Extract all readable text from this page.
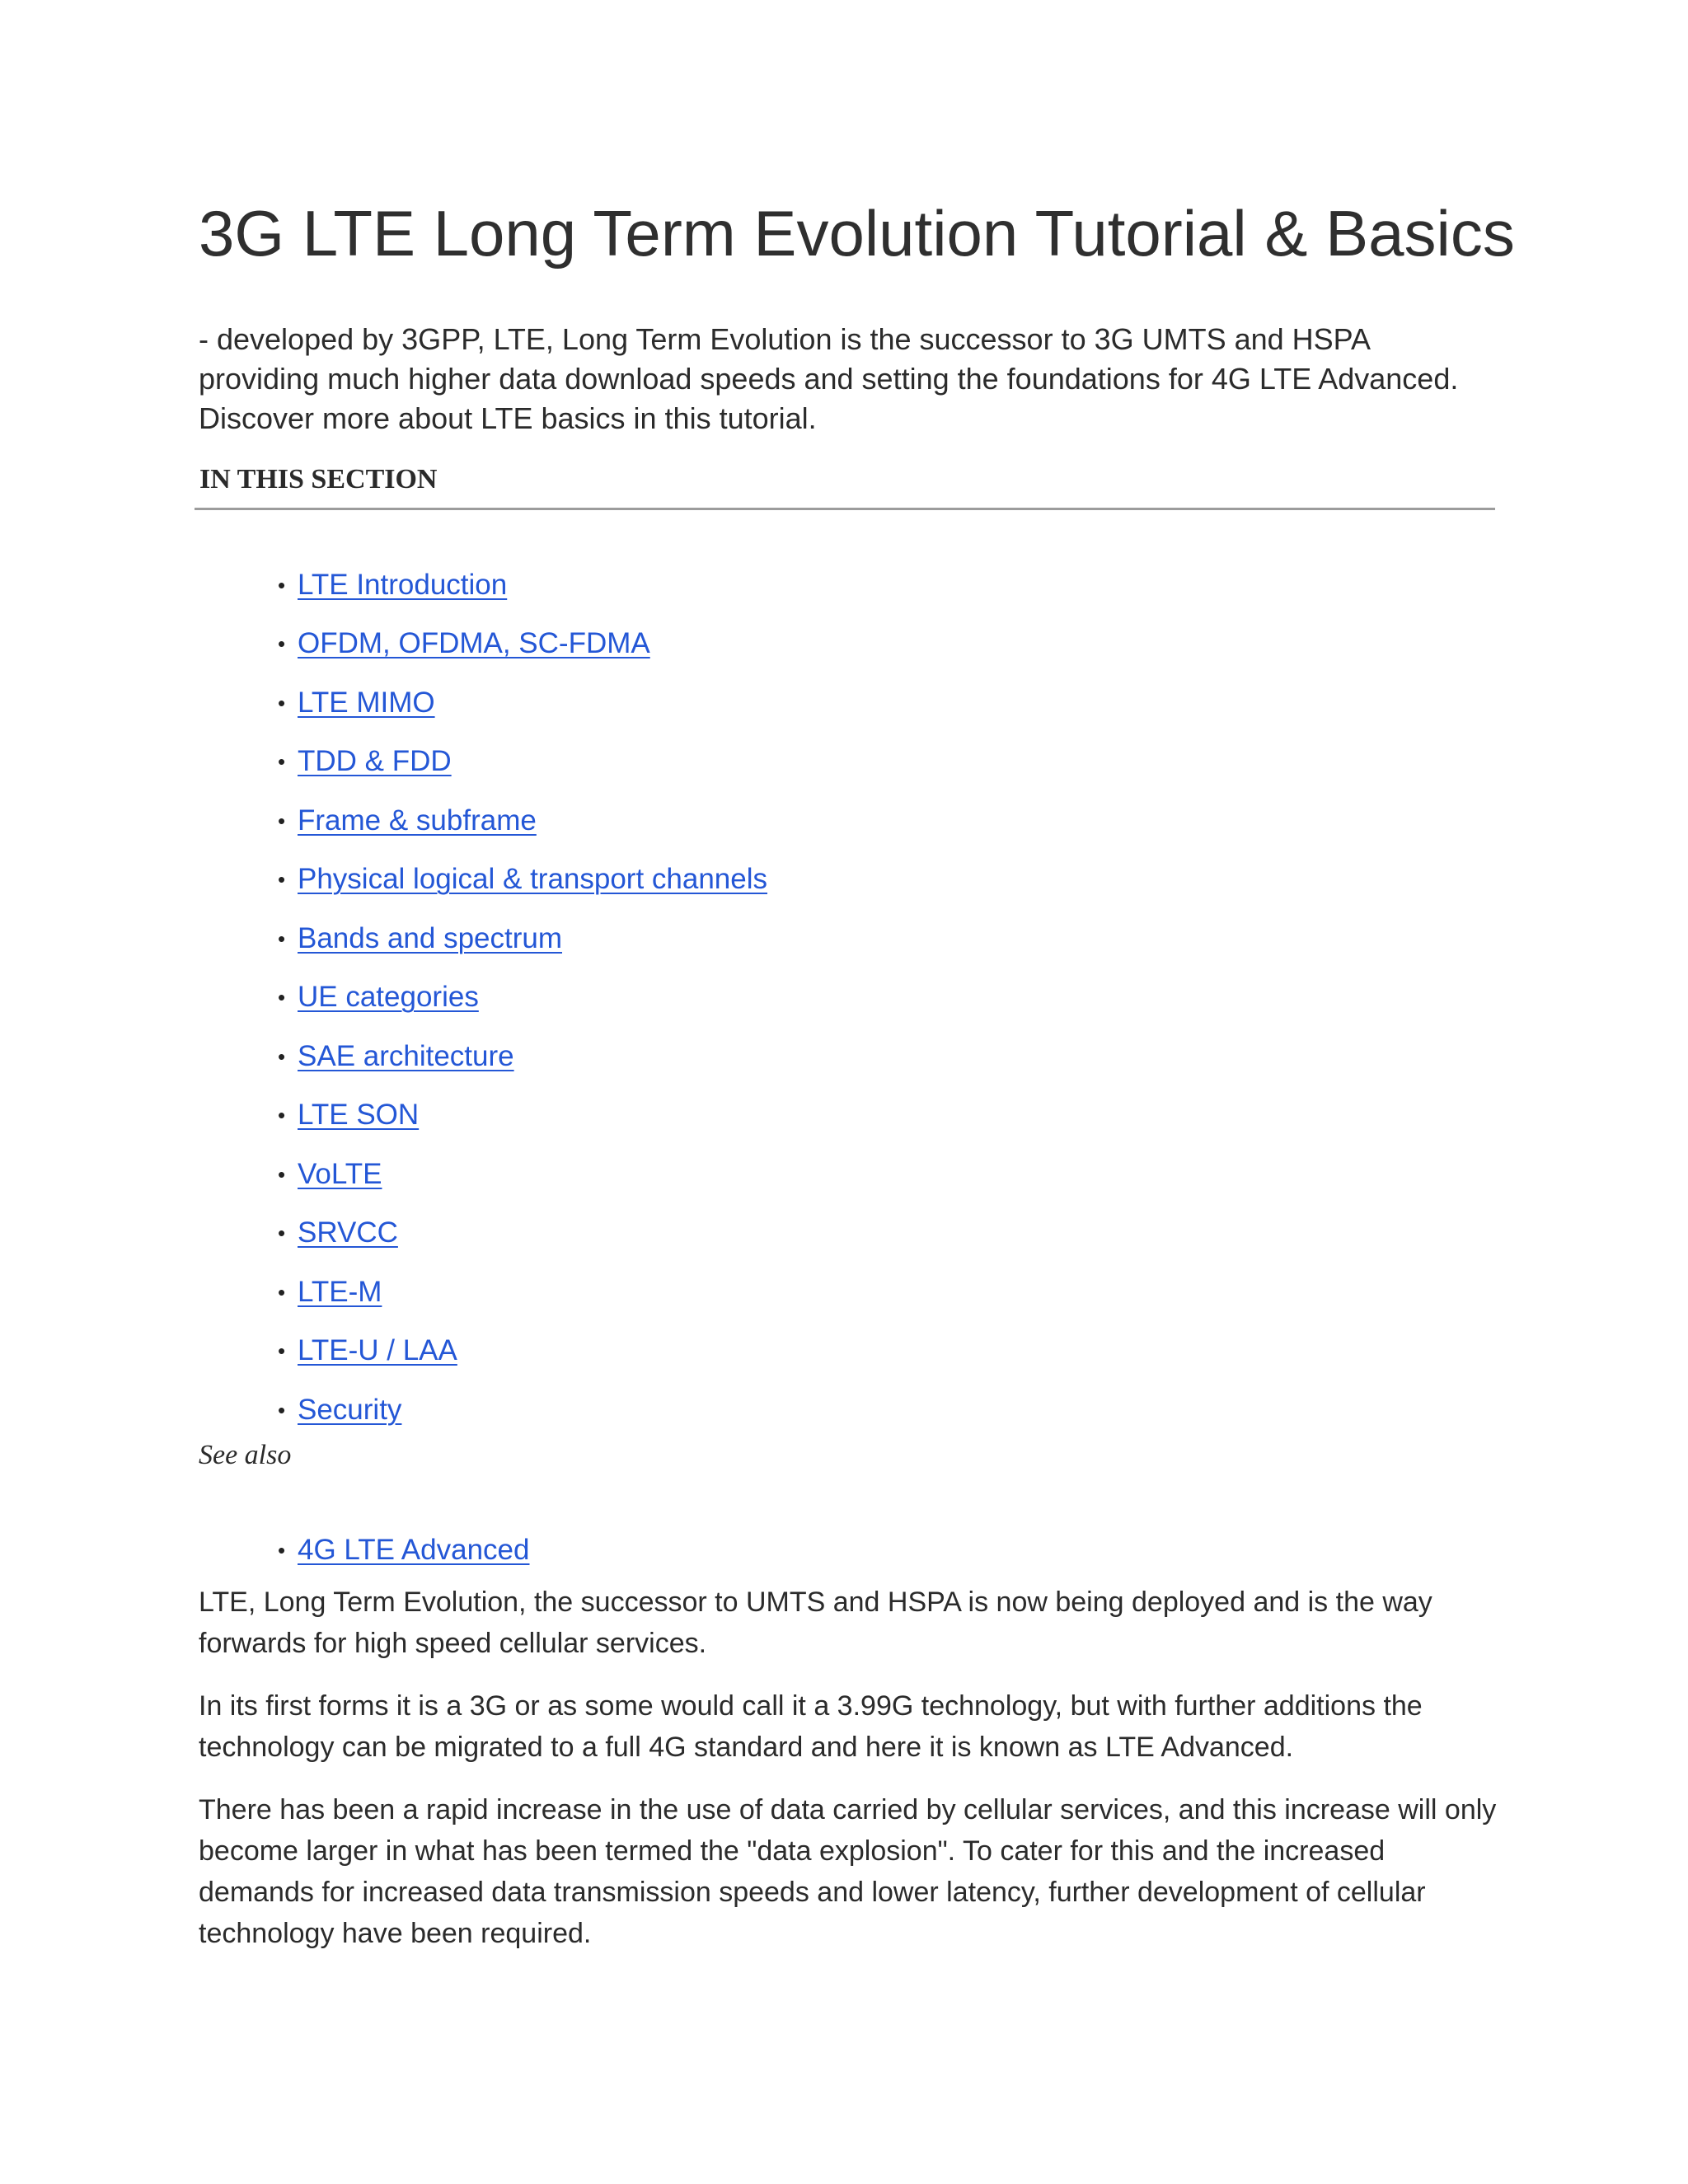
3G LTE Long Term Evolution Tutorial & Basics

- developed by 3GPP, LTE, Long Term Evolution is the successor to 3G UMTS and HSPA providing much higher data download speeds and setting the foundations for 4G LTE Advanced. Discover more about LTE basics in this tutorial.

IN THIS SECTION
• LTE Introduction
• OFDM, OFDMA, SC-FDMA
• LTE MIMO
• TDD & FDD
• Frame & subframe
• Physical logical & transport channels
• Bands and spectrum
• UE categories
• SAE architecture
• LTE SON
• VoLTE
• SRVCC
• LTE-M
• LTE-U / LAA
• Security

See also

• 4G LTE Advanced

LTE, Long Term Evolution, the successor to UMTS and HSPA is now being deployed and is the way forwards for high speed cellular services.

In its first forms it is a 3G or as some would call it a 3.99G technology, but with further additions the technology can be migrated to a full 4G standard and here it is known as LTE Advanced.

There has been a rapid increase in the use of data carried by cellular services, and this increase will only become larger in what has been termed the "data explosion". To cater for this and the increased demands for increased data transmission speeds and lower latency, further development of cellular technology have been required.
